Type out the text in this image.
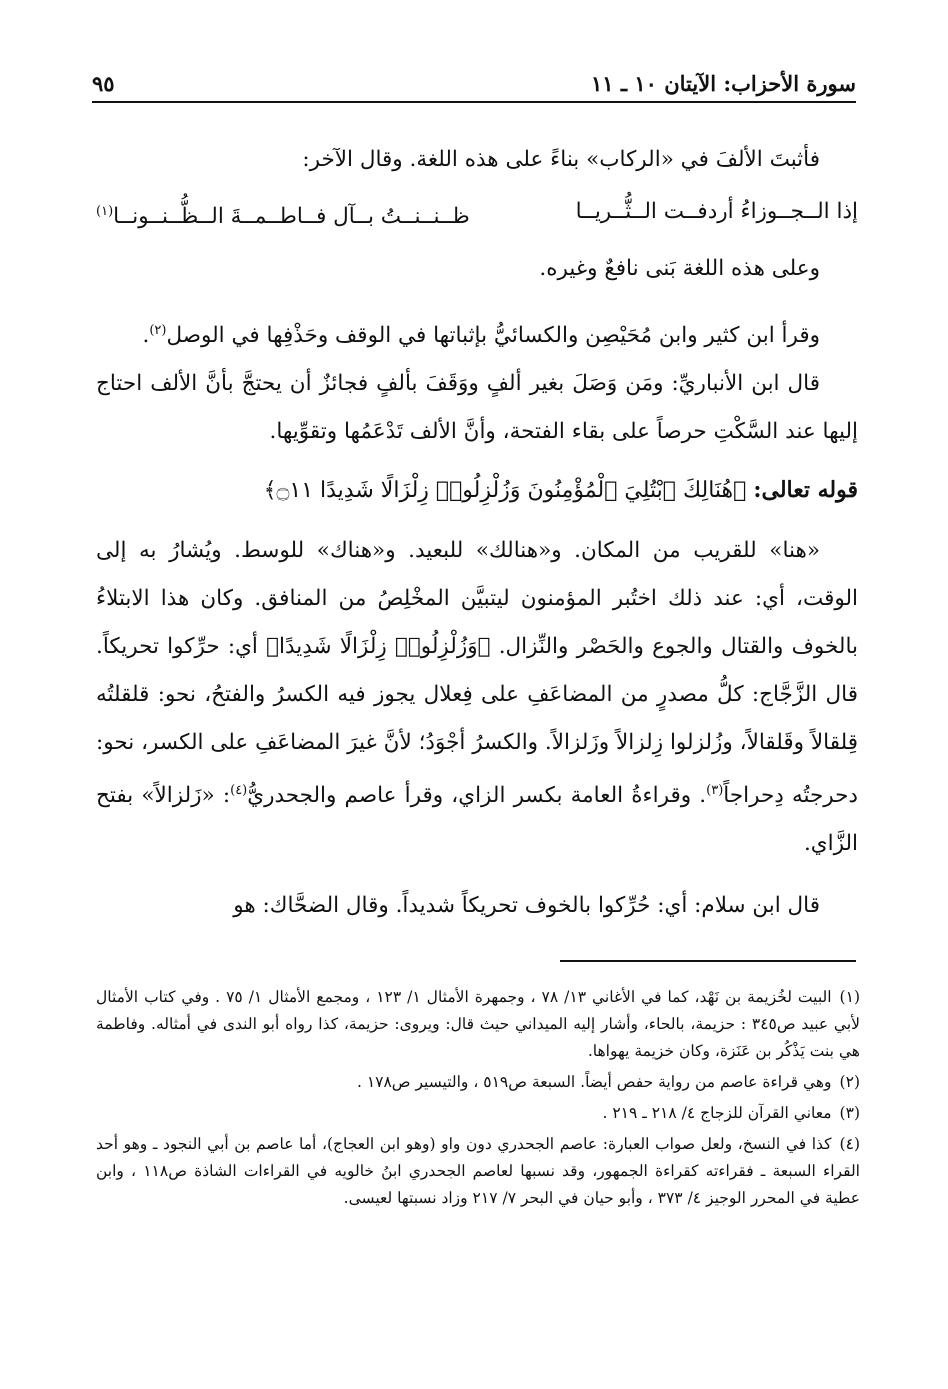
سورة الأحزاب: الآيتان ١٠ ـ ١١
٩٥

فأثبتَ الألفَ في «الركاب» بناءً على هذه اللغة. وقال الآخر:

إذا الــجــوزاءُ أردفــت الــثُّــريــا
ظــنــنــتُ بــآل فــاطــمــةَ الــظُّــنــونــا$^{(١)}$

وعلى هذه اللغة بَنى نافعٌ وغيره.

وقرأ ابن كثير وابن مُحَيْصِن والكسائيُّ بإثباتها في الوقف وحَذْفِها في الوصل$^{(٢)}$.

قال ابن الأنباريِّ: ومَن وَصَلَ بغير ألفٍ ووَقَفَ بألفٍ فجائزٌ أن يحتجَّ بأنَّ الألف احتاج إليها عند السَّكْتِ حرصاً على بقاء الفتحة، وأنَّ الألف تَدْعَمُها وتقوِّيها.

قوله تعالى: ﴿هُنَالِكَ ٱبْتُلِيَ ٱلْمُؤْمِنُونَ وَزُلْزِلُوا۟ زِلْزَالًا شَدِيدًا ۝١١﴾

«هنا» للقريب من المكان. و«هنالك» للبعيد. و«هناك» للوسط. ويُشارُ به إلى الوقت، أي: عند ذلك اختُبر المؤمنون ليتبيَّن المخْلِصُ من المنافق. وكان هذا الابتلاءُ بالخوف والقتال والجوع والحَصْر والنِّزال. ﴿وَزُلْزِلُوا۟ زِلْزَالًا شَدِيدًا﴾ أي: حرِّكوا تحريكاً. قال الزَّجَّاج: كلُّ مصدرٍ من المضاعَفِ على فِعلال يجوز فيه الكسرُ والفتحُ، نحو: قلقلتُه قِلقالاً وقَلقالاً، وزُلزلوا زِلزالاً وزَلزالاً. والكسرُ أجْوَدُ؛ لأنَّ غيرَ المضاعَفِ على الكسر، نحو: دحرجتُه دِحراجاً$^{(٣)}$. وقراءةُ العامة بكسر الزاي، وقرأ عاصم والجحدريُّ$^{(٤)}$: «زَلزالاً» بفتح الزَّاي.

قال ابن سلام: أي: حُرِّكوا بالخوف تحريكاً شديداً. وقال الضحَّاك: هو

(١)البيت لخُزيمة بن نَهْد، كما في الأغاني ١٣/ ٧٨ ، وجمهرة الأمثال ١/ ١٢٣ ، ومجمع الأمثال ١/ ٧٥ . وفي كتاب الأمثال لأبي عبيد ص٣٤٥ : حزيمة، بالحاء، وأشار إليه الميداني حيث قال: ويروى: حزيمة، كذا رواه أبو الندى في أمثاله. وفاطمة هي بنت يَذْكُر بن عَنَزة، وكان خزيمة يهواها.

(٢)وهي قراءة عاصم من رواية حفص أيضاً. السبعة ص٥١٩ ، والتيسير ص١٧٨ .

(٣)معاني القرآن للزجاج ٤/ ٢١٨ ـ ٢١٩ .

(٤)كذا في النسخ، ولعل صواب العبارة: عاصم الجحدري دون واو (وهو ابن العجاج)، أما عاصم بن أبي النجود ـ وهو أحد القراء السبعة ـ فقراءته كقراءة الجمهور، وقد نسبها لعاصم الجحدري ابنُ خالويه في القراءات الشاذة ص١١٨ ، وابن عطية في المحرر الوجيز ٤/ ٣٧٣ ، وأبو حيان في البحر ٧/ ٢١٧ وزاد نسبتها لعيسى.
